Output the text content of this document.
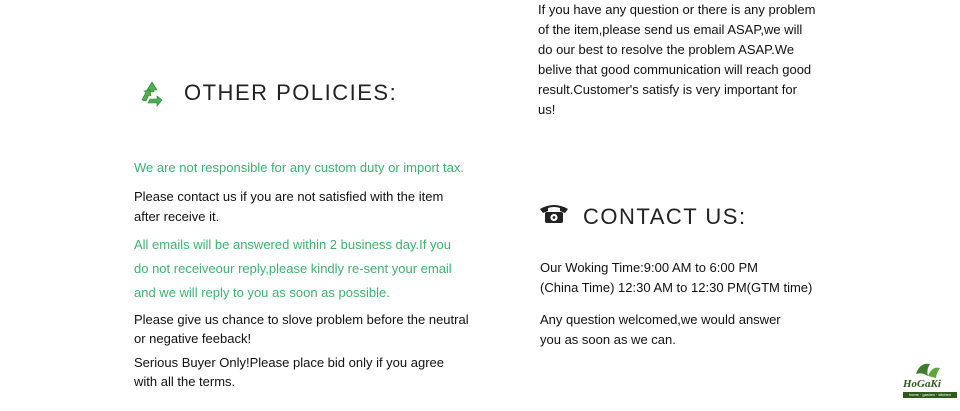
OTHER POLICIES:
We are not responsible for any custom duty or import tax.
Please contact us if you are not satisfied with the item
after receive it.
All emails will be answered within 2 business day.If you
do not receiveour reply,please kindly re-sent your email
and we will reply to you as soon as possible.
Please give us chance to slove problem before the neutral
or negative feeback!
Serious Buyer Only!Please place bid only if you agree
with all the terms.
If you have any question or there is any problem
of the item,please send us email ASAP,we will
do our best to resolve the problem ASAP.We
belive that good communication will reach good
result.Customer's satisfy is very important for
us!
CONTACT US:
Our Woking Time:9:00 AM to 6:00 PM
(China Time) 12:30 AM to 12:30 PM(GTM time)
Any question welcomed,we would answer
you as soon as we can.
HoGaKi
home · garden · kitchen
